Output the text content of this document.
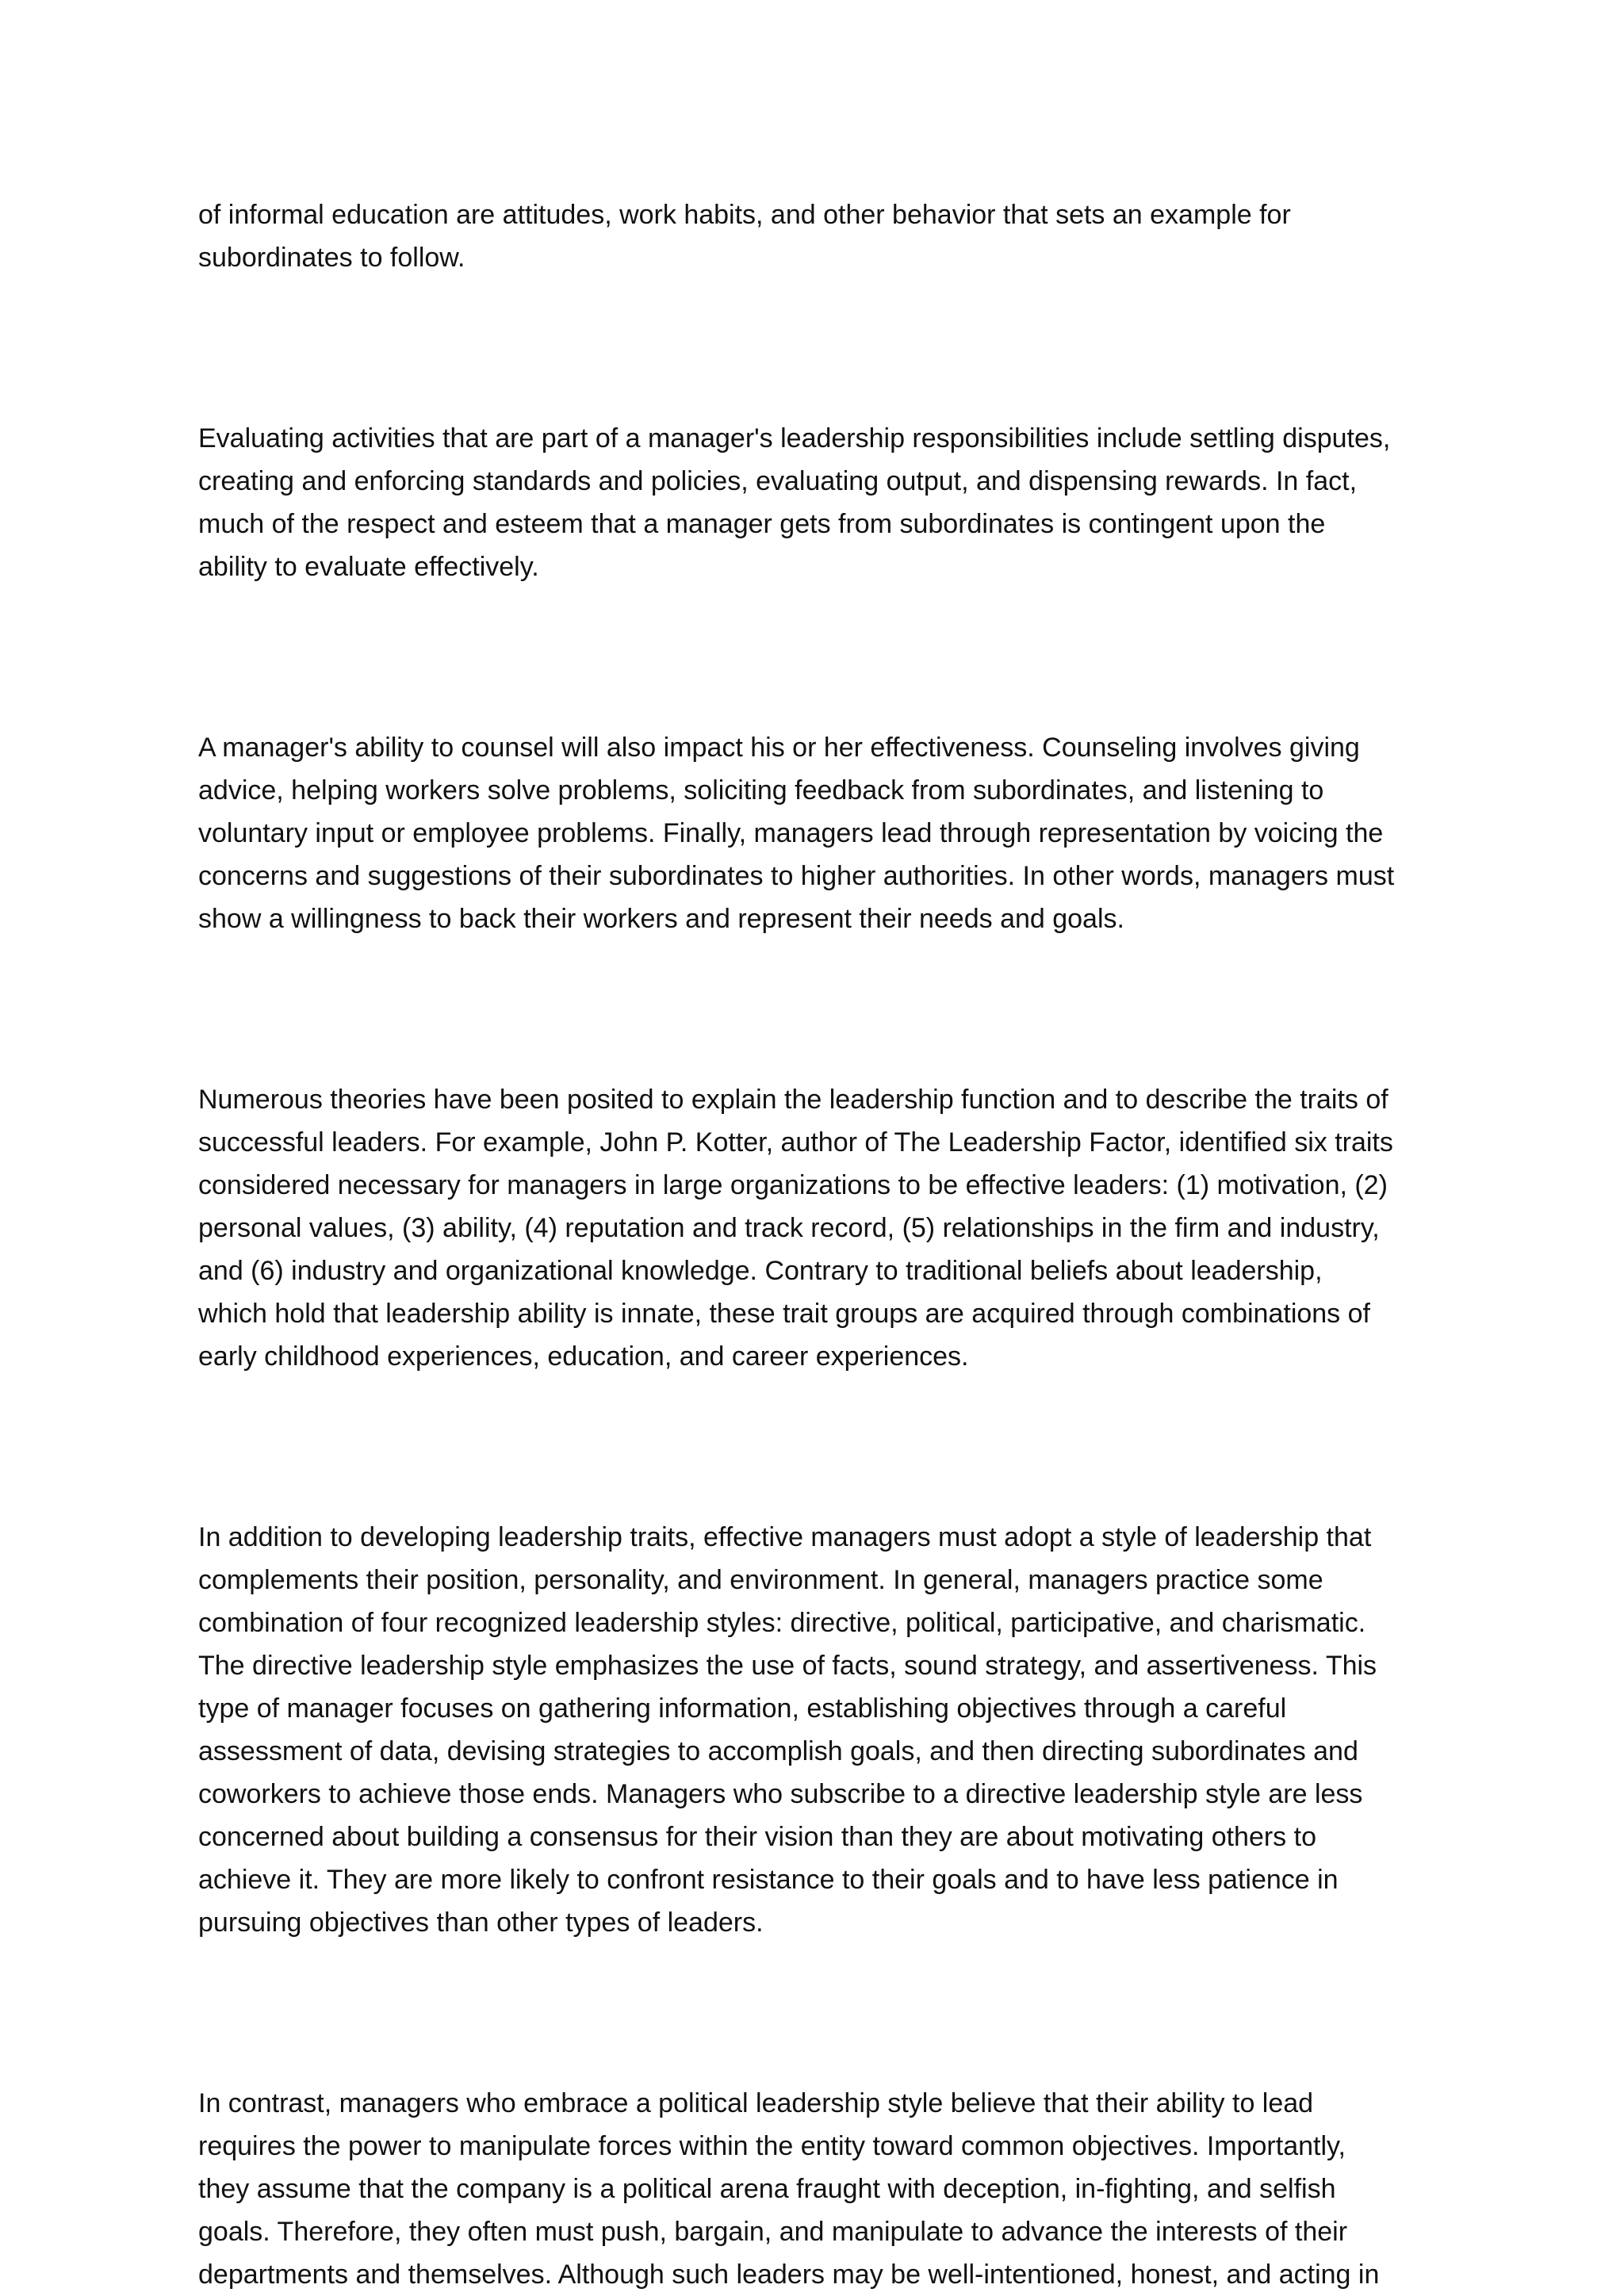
of informal education are attitudes, work habits, and other behavior that sets an example for
subordinates to follow.

Evaluating activities that are part of a manager's leadership responsibilities include settling disputes,
creating and enforcing standards and policies, evaluating output, and dispensing rewards. In fact,
much of the respect and esteem that a manager gets from subordinates is contingent upon the
ability to evaluate effectively.

A manager's ability to counsel will also impact his or her effectiveness. Counseling involves giving
advice, helping workers solve problems, soliciting feedback from subordinates, and listening to
voluntary input or employee problems. Finally, managers lead through representation by voicing the
concerns and suggestions of their subordinates to higher authorities. In other words, managers must
show a willingness to back their workers and represent their needs and goals.

Numerous theories have been posited to explain the leadership function and to describe the traits of
successful leaders. For example, John P. Kotter, author of The Leadership Factor, identified six traits
considered necessary for managers in large organizations to be effective leaders: (1) motivation, (2)
personal values, (3) ability, (4) reputation and track record, (5) relationships in the firm and industry,
and (6) industry and organizational knowledge. Contrary to traditional beliefs about leadership,
which hold that leadership ability is innate, these trait groups are acquired through combinations of
early childhood experiences, education, and career experiences.

In addition to developing leadership traits, effective managers must adopt a style of leadership that
complements their position, personality, and environment. In general, managers practice some
combination of four recognized leadership styles: directive, political, participative, and charismatic.
The directive leadership style emphasizes the use of facts, sound strategy, and assertiveness. This
type of manager focuses on gathering information, establishing objectives through a careful
assessment of data, devising strategies to accomplish goals, and then directing subordinates and
coworkers to achieve those ends. Managers who subscribe to a directive leadership style are less
concerned about building a consensus for their vision than they are about motivating others to
achieve it. They are more likely to confront resistance to their goals and to have less patience in
pursuing objectives than other types of leaders.

In contrast, managers who embrace a political leadership style believe that their ability to lead
requires the power to manipulate forces within the entity toward common objectives. Importantly,
they assume that the company is a political arena fraught with deception, in-fighting, and selfish
goals. Therefore, they often must push, bargain, and manipulate to advance the interests of their
departments and themselves. Although such leaders may be well-intentioned, honest, and acting in
